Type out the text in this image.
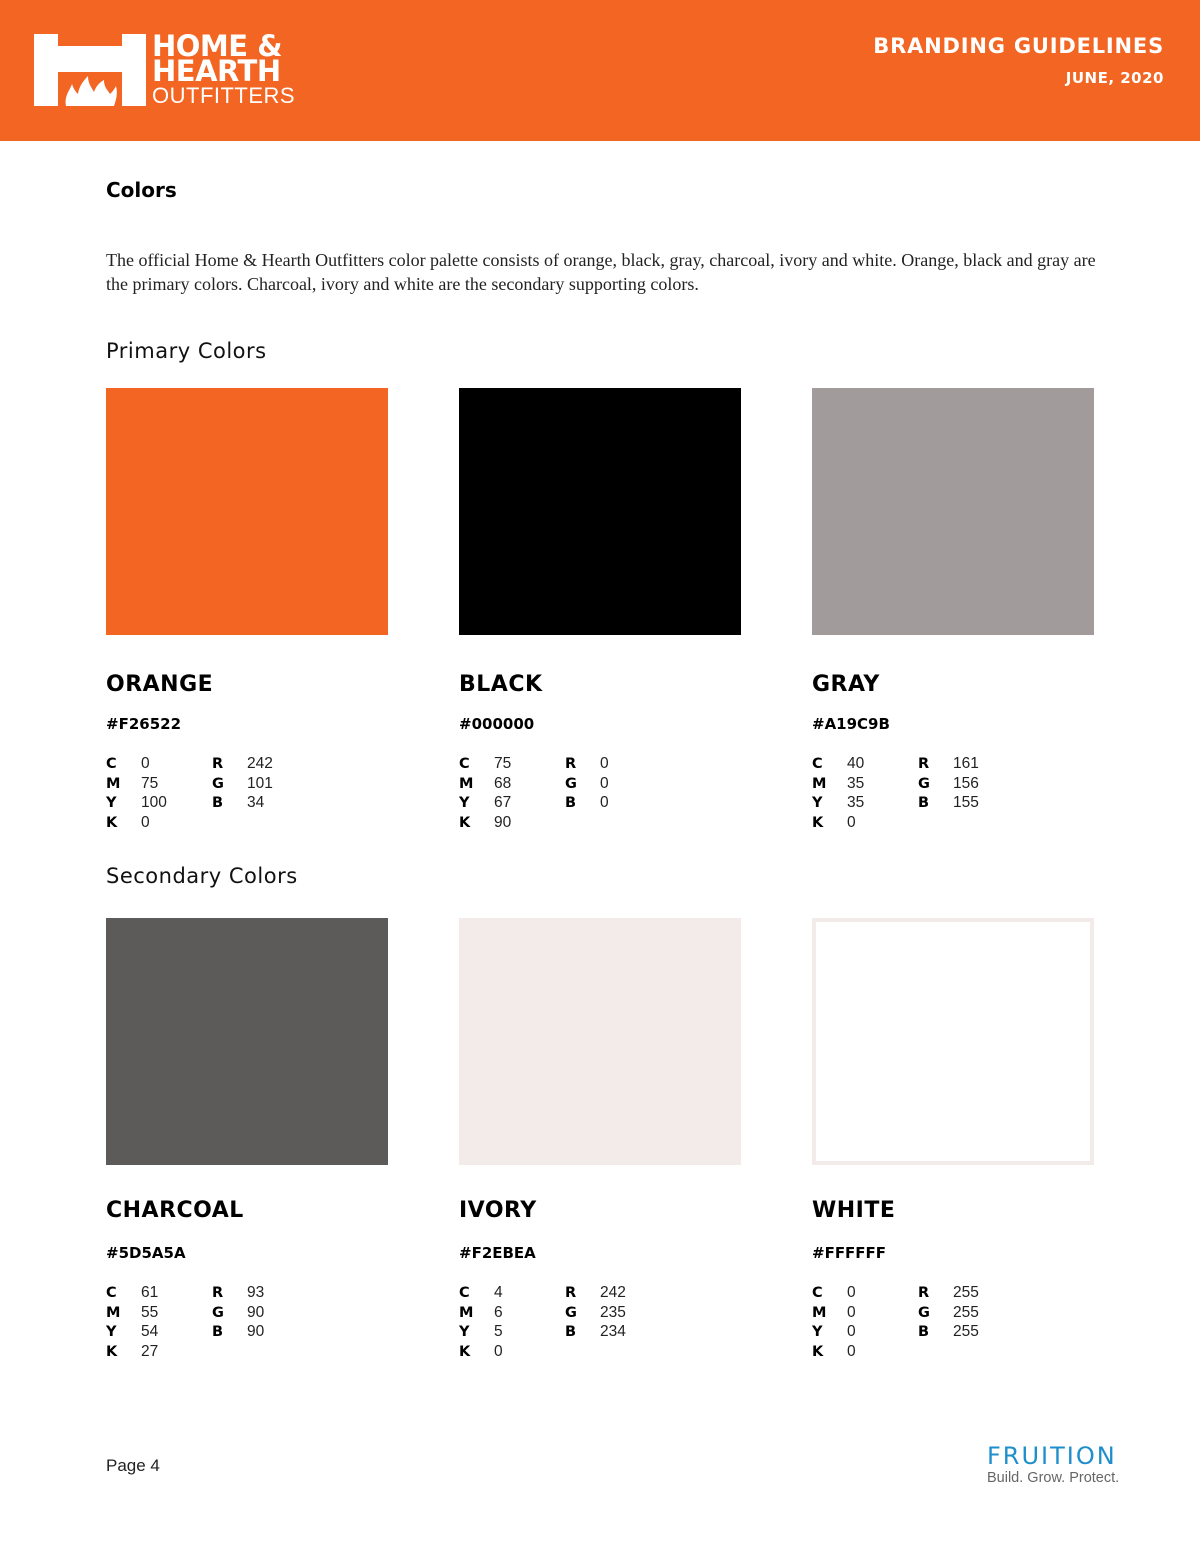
HOME &
HEARTH
OUTFITTERS
BRANDING GUIDELINES
JUNE, 2020
Colors
The official Home & Hearth Outfitters color palette consists of orange, black, gray, charcoal, ivory and white. Orange, black and gray are the primary colors. Charcoal, ivory and white are the secondary supporting colors.
Primary Colors
ORANGE
#F26522
C 0
M 75
Y 100
K 0
R 242
G 101
B 34
BLACK
#000000
C 75
M 68
Y 67
K 90
R 0
G 0
B 0
GRAY
#A19C9B
C 40
M 35
Y 35
K 0
R 161
G 156
B 155
Secondary Colors
CHARCOAL
#5D5A5A
C 61
M 55
Y 54
K 27
R 93
G 90
B 90
IVORY
#F2EBEA
C 4
M 6
Y 5
K 0
R 242
G 235
B 234
WHITE
#FFFFFF
C 0
M 0
Y 0
K 0
R 255
G 255
B 255
Page 4	FRUITION
Build. Grow. Protect.
